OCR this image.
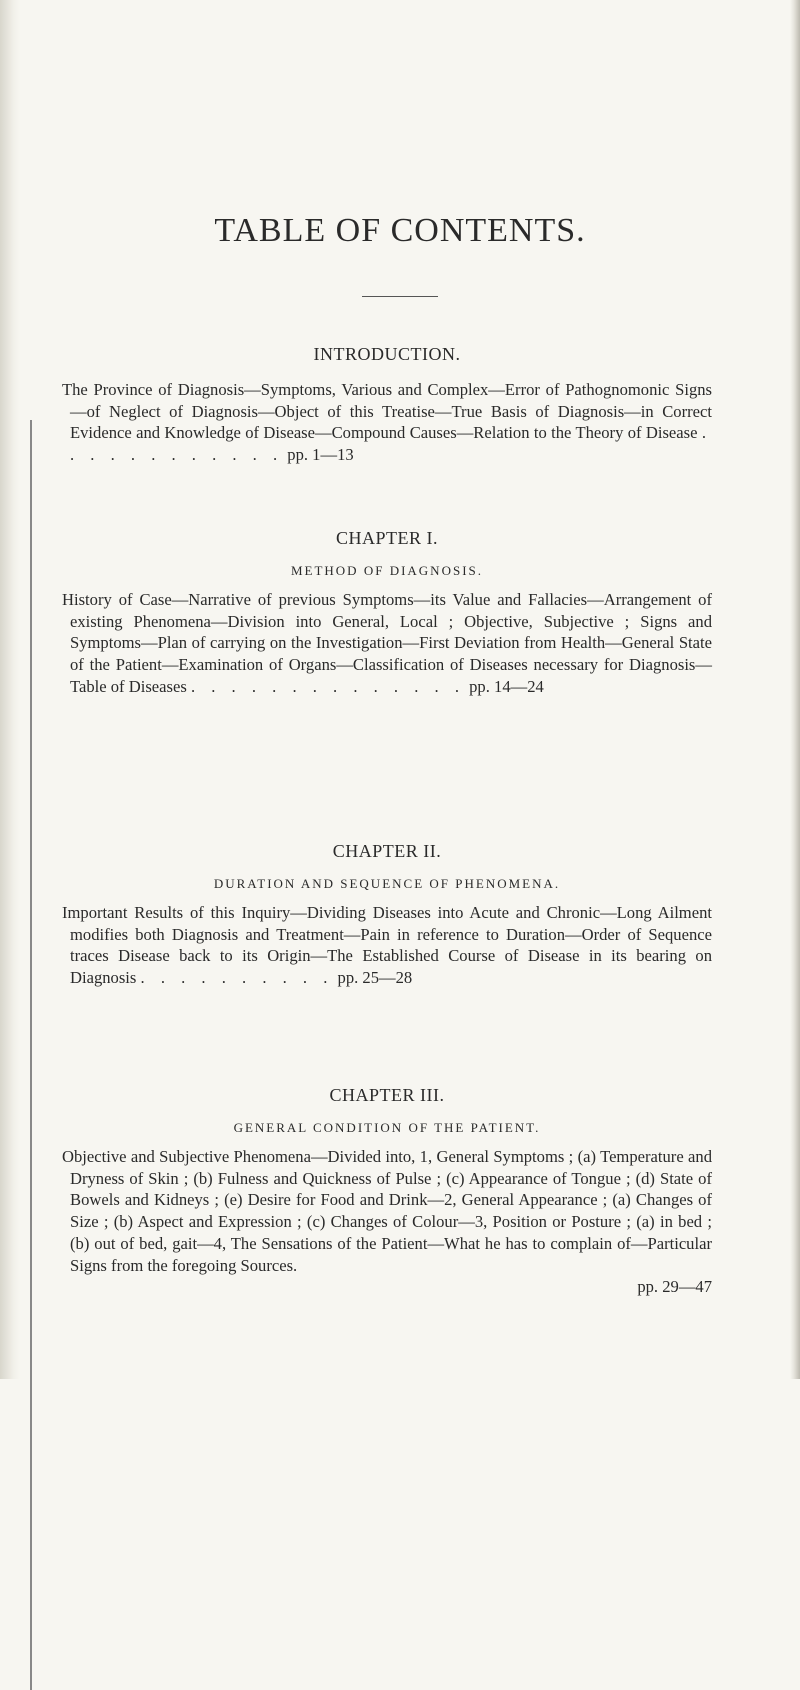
TABLE OF CONTENTS.
INTRODUCTION.

The Province of Diagnosis—Symptoms, Various and Complex—Error of Pathognomonic Signs—of Neglect of Diagnosis—Object of this Treatise—True Basis of Diagnosis—in Correct Evidence and Knowledge of Disease—Compound Causes—Relation to the Theory of Disease . . . . . . . . . . . . pp. 1—13

CHAPTER I.
METHOD OF DIAGNOSIS.

History of Case—Narrative of previous Symptoms—its Value and Fallacies—Arrangement of existing Phenomena—Division into General, Local ; Objective, Subjective ; Signs and Symptoms—Plan of carrying on the Investigation—First Deviation from Health—General State of the Patient—Examination of Organs—Classification of Diseases necessary for Diagnosis—Table of Diseases . . . . . . . . . . . . . . pp. 14—24

CHAPTER II.
DURATION AND SEQUENCE OF PHENOMENA.

Important Results of this Inquiry—Dividing Diseases into Acute and Chronic—Long Ailment modifies both Diagnosis and Treatment—Pain in reference to Duration—Order of Sequence traces Disease back to its Origin—The Established Course of Disease in its bearing on Diagnosis . . . . . . . . . . pp. 25—28

CHAPTER III.
GENERAL CONDITION OF THE PATIENT.

Objective and Subjective Phenomena—Divided into, 1, General Symptoms ; (a) Temperature and Dryness of Skin ; (b) Fulness and Quickness of Pulse ; (c) Appearance of Tongue ; (d) State of Bowels and Kidneys ; (e) Desire for Food and Drink—2, General Appearance ; (a) Changes of Size ; (b) Aspect and Expression ; (c) Changes of Colour—3, Position or Posture ; (a) in bed ; (b) out of bed, gait—4, The Sensations of the Patient—What he has to complain of—Particular Signs from the foregoing Sources.
pp. 29—47
